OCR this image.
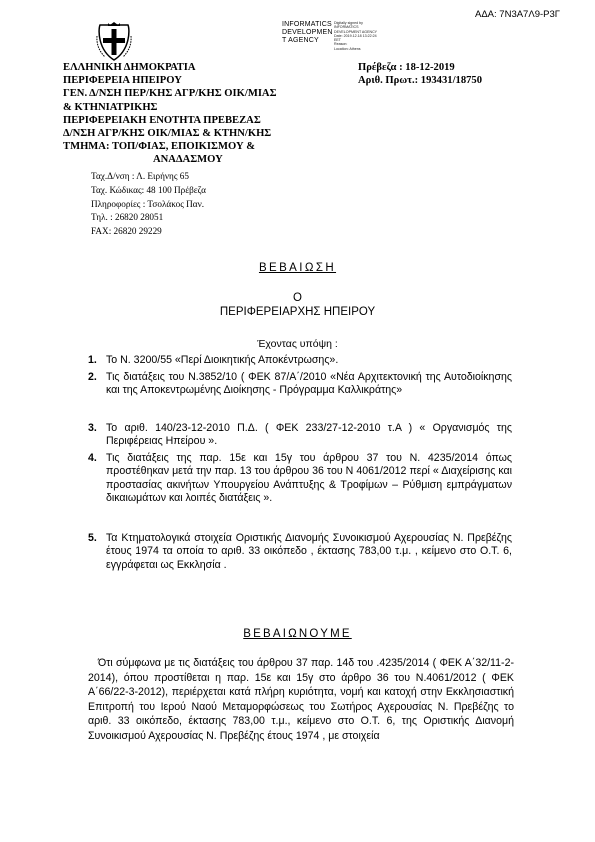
ΑΔΑ: 7Ν3Α7Λ9-Ρ3Γ
INFORMATICS
DEVELOPMEN
T AGENCY
Digitally signed by
INFORMATICS
DEVELOPMENT AGENCY
Date: 2019.12.18 13:22:24
EET
Reason:
Location: Athens
ΕΛΛΗΝΙΚΗ ΔΗΜΟΚΡΑΤΙΑ
ΠΕΡΙΦΕΡΕΙΑ ΗΠΕΙΡΟΥ
ΓΕΝ. Δ/ΝΣΗ ΠΕΡ/ΚΗΣ ΑΓΡ/ΚΗΣ ΟΙΚ/ΜΙΑΣ
& ΚΤΗΝΙΑΤΡΙΚΗΣ
ΠΕΡΙΦΕΡΕΙΑΚΗ ΕΝΟΤΗΤΑ ΠΡΕΒΕΖΑΣ
Δ/ΝΣΗ ΑΓΡ/ΚΗΣ ΟΙΚ/ΜΙΑΣ & ΚΤΗΝ/ΚΗΣ
ΤΜΗΜΑ: ΤΟΠ/ΦΙΑΣ, ΕΠΟΙΚΙΣΜΟΥ &
ΑΝΑΔΑΣΜΟΥ
Πρέβεζα : 18-12-2019
Αριθ. Πρωτ.: 193431/18750
Ταχ.Δ/νση : Λ. Ειρήνης 65
Ταχ. Κώδικας: 48 100 Πρέβεζα
Πληροφορίες : Τσολάκος Παν.
Τηλ. : 26820 28051
FAX: 26820 29229
ΒΕΒΑΙΩΣΗ
Ο
ΠΕΡΙΦΕΡΕΙΑΡΧΗΣ ΗΠΕΙΡΟΥ
Έχοντας υπόψη :
1. Το Ν. 3200/55 «Περί Διοικητικής Αποκέντρωσης».
2. Τις διατάξεις του Ν.3852/10 ( ΦΕΚ 87/Α΄/2010 «Νέα Αρχιτεκτονική της Αυτοδιοίκησης και της Αποκεντρωμένης Διοίκησης - Πρόγραμμα Καλλικράτης»
3. Το αριθ. 140/23-12-2010 Π.Δ. ( ΦΕΚ 233/27-12-2010 τ.Α ) « Οργανισμός της Περιφέρειας Ηπείρου ».
4. Τις διατάξεις της παρ. 15ε και 15γ του άρθρου 37 του Ν. 4235/2014 όπως προστέθηκαν μετά την παρ. 13 του άρθρου 36 του Ν 4061/2012 περί « Διαχείρισης και προστασίας ακινήτων Υπουργείου Ανάπτυξης & Τροφίμων – Ρύθμιση εμπράγματων δικαιωμάτων και λοιπές διατάξεις ».
5. Τα Κτηματολογικά στοιχεία Οριστικής Διανομής Συνοικισμού Αχερουσίας Ν. Πρεβέζης έτους 1974 τα οποία το αριθ. 33 οικόπεδο , έκτασης 783,00 τ.μ. , κείμενο στο Ο.Τ. 6, εγγράφεται ως Εκκλησία .
ΒΕΒΑΙΩΝΟΥΜΕ
Ότι σύμφωνα με τις διατάξεις του άρθρου 37 παρ. 14δ του .4235/2014 ( ΦΕΚ Α΄32/11-2-2014), όπου προστίθεται η παρ. 15ε και 15γ στο άρθρο 36 του Ν.4061/2012 ( ΦΕΚ Α΄66/22-3-2012), περιέρχεται κατά πλήρη κυριότητα, νομή και κατοχή στην Εκκλησιαστική Επιτροπή του Ιερού Ναού Μεταμορφώσεως του Σωτήρος Αχερουσίας Ν. Πρεβέζης το αριθ. 33 οικόπεδο, έκτασης 783,00 τ.μ., κείμενο στο Ο.Τ. 6, της Οριστικής Διανομή Συνοικισμού Αχερουσίας Ν. Πρεβέζης έτους 1974 , με στοιχεία
